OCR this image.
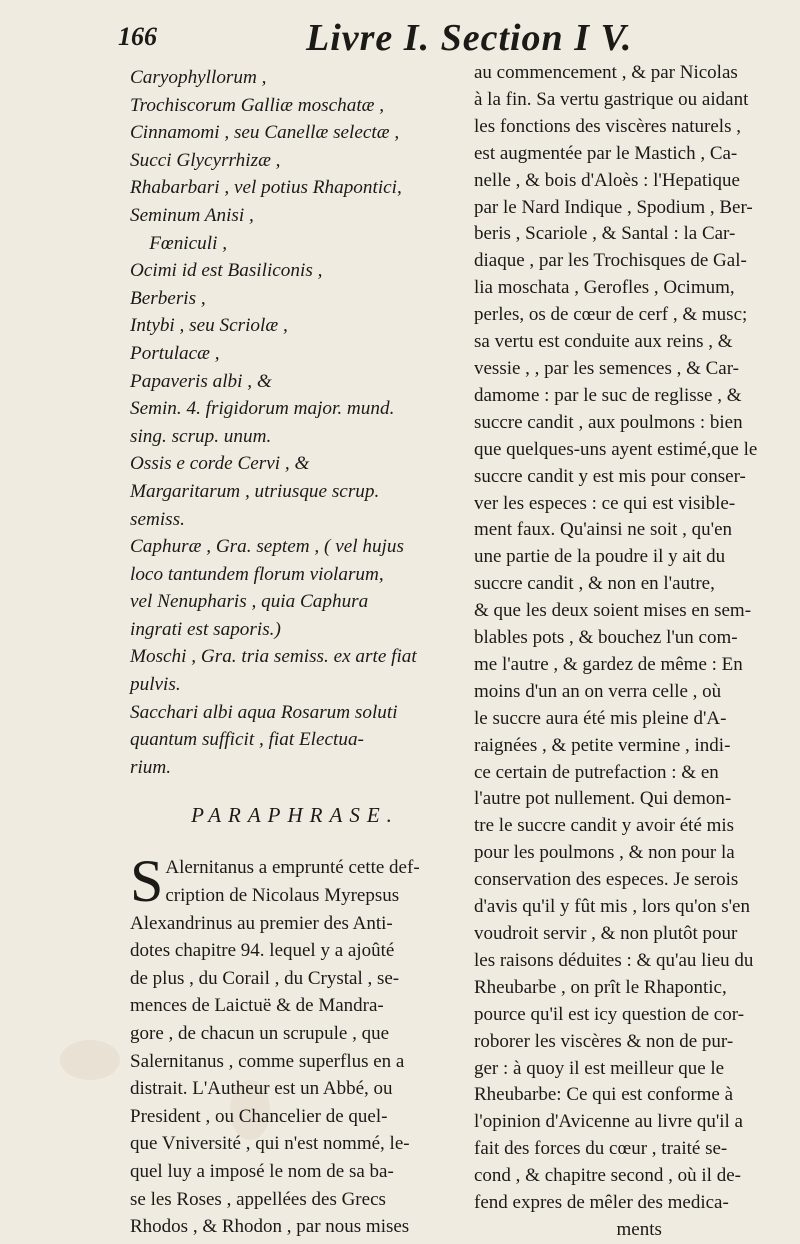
166	Livre I. Section I V.
Caryophyllorum ,
Trochiscorum Galliæ moschatæ ,
Cinnamomi , seu Canellæ selectæ ,
Succi Glycyrrhizæ ,
Rhabarbari , vel potius Rhapontici,
Seminum Anisi ,
Fœniculi ,
Ocimi id est Basiliconis ,
Berberis ,
Intybi , seu Scriolæ ,
Portulacæ ,
Papaveris albi , &
Semin. 4. frigidorum major. mund.
sing. scrup. unum.
Ossis e corde Cervi , &
Margaritarum , utriusque scrup.
semiss.
Caphuræ , Gra. septem , ( vel hujus
loco tantundem florum violarum,
vel Nenupharis , quia Caphura
ingrati est saporis.)
Moschi , Gra. tria semiss. ex arte fiat
pulvis.
Sacchari albi aqua Rosarum soluti
quantum sufficit , fiat Electua-
rium.
PARAPHRASE.
S Alernitanus a emprunté cette def-
cription de Nicolaus Myrepsus
Alexandrinus au premier des Anti-
dotes chapitre 94. lequel y a ajoûté
de plus , du Corail , du Crystal , se-
mences de Laictuë & de Mandra-
gore , de chacun un scrupule , que
Salernitanus , comme superflus en a
distrait. L'Autheur est un Abbé, ou
President , ou Chancelier de quel-
que Vniversité , qui n'est nommé, le-
quel luy a imposé le nom de sa ba-
se les Roses , appellées des Grecs
Rhodos , & Rhodon , par nous mises
au commencement , & par Nicolas
à la fin. Sa vertu gastrique ou aidant
les fonctions des viscères naturels ,
est augmentée par le Mastich , Ca-
nelle , & bois d'Aloès : l'Hepatique
par le Nard Indique , Spodium , Ber-
beris , Scariole , & Santal : la Car-
diaque , par les Trochisques de Gal-
lia moschata , Gerofles , Ocimum,
perles, os de cœur de cerf , & musc;
sa vertu est conduite aux reins , &
vessie , , par les semences , & Car-
damome : par le suc de reglisse , &
succre candit , aux poulmons : bien
que quelques-uns ayent estimé,que le
succre candit y est mis pour conser-
ver les especes : ce qui est visible-
ment faux. Qu'ainsi ne soit , qu'en
une partie de la poudre il y ait du
succre candit , & non en l'autre,
& que les deux soient mises en sem-
blables pots , & bouchez l'un com-
me l'autre , & gardez de même : En
moins d'un an on verra celle , où
le succre aura été mis pleine d'A-
raignées , & petite vermine , indi-
ce certain de putrefaction : & en
l'autre pot nullement. Qui demon-
tre le succre candit y avoir été mis
pour les poulmons , & non pour la
conservation des especes. Je serois
d'avis qu'il y fût mis , lors qu'on s'en
voudroit servir , & non plutôt pour
les raisons déduites : & qu'au lieu du
Rheubarbe , on prît le Rhapontic,
pource qu'il est icy question de cor-
roborer les viscères & non de pur-
ger : à quoy il est meilleur que le
Rheubarbe: Ce qui est conforme à
l'opinion d'Avicenne au livre qu'il a
fait des forces du cœur , traité se-
cond , & chapitre second , où il de-
fend expres de mêler des medica-
ments
